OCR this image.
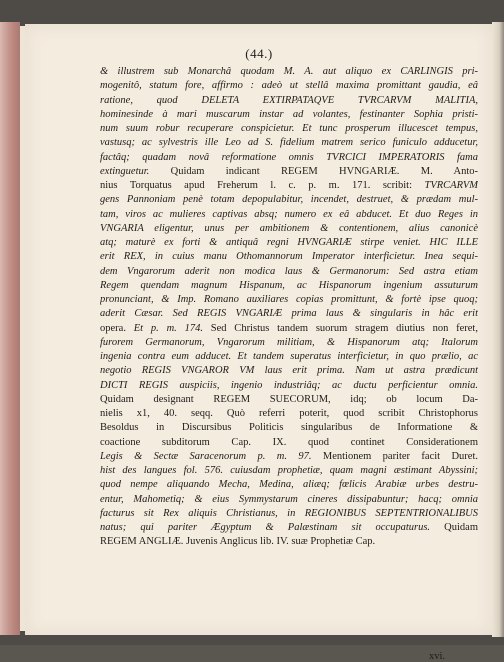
(44.)
& illustrem sub Monarchâ quodam M. A. aut aliquo ex CARLINGIS pri-
mogenitô, statum fore, affirmo : adeò ut stellâ maxima promittant gaudia, eâ
ratione, quod DELETA EXTIRPATAQVE TVRCARVM MALITIA,
hominesinde à mari muscarum instar ad volantes, festinanter Sophia pristi-
num suum robur recuperare conspicietur. Et tunc prosperum illucescet tempus,
vastusq; ac sylvestris ille Leo ad S. fidelium matrem serico funiculo adducetur,
factâq; quadam novâ reformatione omnis TVRCICI IMPERATORIS fama
extinguetur. Quidam indicant REGEM HVNGARIÆ. M. Anto-
nius Torquatus apud Freherum l. c. p. m. 171. scribit: TVRCARVM
gens Pannoniam penè totam depopulabitur, incendet, destruet, & prædam mul-
tam, viros ac mulieres captivas absq; numero ex eâ abducet. Et duo Reges in
VNGARIA eligentur, unus per ambitionem & contentionem, alius canonicè
atq; maturè ex forti & antiquâ regni HVNGARIÆ stirpe veniet. HIC ILLE
erit REX, in cuius manu Othomannorum Imperator interficietur. Inea sequi-
dem Vngarorum aderit non modica laus & Germanorum: Sed astra etiam
Regem quendam magnum Hispanum, ac Hispanorum ingenium assuturum
pronunciant, & Imp. Romano auxiliares copias promittunt, & fortè ipse quoq;
aderit Cæsar. Sed REGIS VNGARIÆ prima laus & singularis in hâc erit
opera. Et p. m. 174. Sed Christus tandem suorum stragem diutius non feret,
furorem Germanorum, Vngarorum militiam, & Hispanorum atq; Italorum
ingenia contra eum adducet. Et tandem superatus interficietur, in quo prælio, ac
negotio REGIS VNGAROR VM laus erit prima. Nam ut astra prædicunt
DICTI REGIS auspiciis, ingenio industriâq; ac ductu perficientur omnia.
Quidam designant REGEM SUECORUM, idq; ob locum Da-
nielis x1, 40. seqq. Quò referri poterit, quod scribit Christophorus
Besoldus in Discursibus Politicis singularibus de Informatione &
coactione subditorum Cap. IX. quod continet Considerationem
Legis & Sectæ Saracenorum p. m. 97. Mentionem pariter facit Duret.
hist des langues fol. 576. cuiusdam prophetiæ, quam magni æstimant Abyssini;
quod nempe aliquando Mecha, Medina, aliæq; fœlicis Arabiæ urbes destru-
entur, Mahometiq; & eius Symmystarum cineres dissipabuntur; hacq; omnia
facturus sit Rex aliquis Christianus, in REGIONIBUS SEPTENTRIONALIBUS
natus; qui pariter Ægyptum & Palæstinam sit occupaturus. Quidam
REGEM ANGLIÆ. Juvenis Anglicus lib. IV. suæ Prophetiæ Cap.
xvi.
